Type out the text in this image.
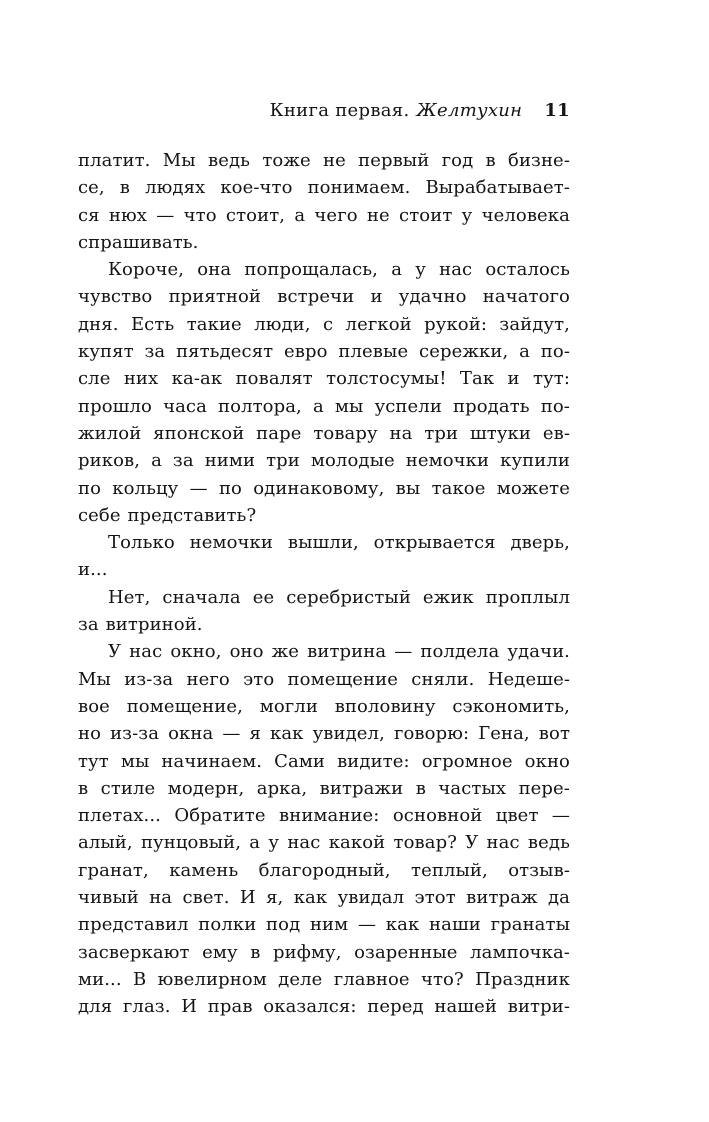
Книга первая. Желтухин 11
платит. Мы ведь тоже не первый год в бизне-
се, в людях кое-что понимаем. Вырабатывает-
ся нюх — что стоит, а чего не стоит у человека
спрашивать.
Короче, она попрощалась, а у нас осталось
чувство приятной встречи и удачно начатого
дня. Есть такие люди, с легкой рукой: зайдут,
купят за пятьдесят евро плевые сережки, а по-
сле них ка-ак повалят толстосумы! Так и тут:
прошло часа полтора, а мы успели продать по-
жилой японской паре товару на три штуки ев-
риков, а за ними три молодые немочки купили
по кольцу — по одинаковому, вы такое можете
себе представить?
Только немочки вышли, открывается дверь,
и...
Нет, сначала ее серебристый ежик проплыл
за витриной.
У нас окно, оно же витрина — полдела удачи.
Мы из-за него это помещение сняли. Недеше-
вое помещение, могли вполовину сэкономить,
но из-за окна — я как увидел, говорю: Гена, вот
тут мы начинаем. Сами видите: огромное окно
в стиле модерн, арка, витражи в частых пере-
плетах... Обратите внимание: основной цвет —
алый, пунцовый, а у нас какой товар? У нас ведь
гранат, камень благородный, теплый, отзыв-
чивый на свет. И я, как увидал этот витраж да
представил полки под ним — как наши гранаты
засверкают ему в рифму, озаренные лампочка-
ми... В ювелирном деле главное что? Праздник
для глаз. И прав оказался: перед нашей витри-
